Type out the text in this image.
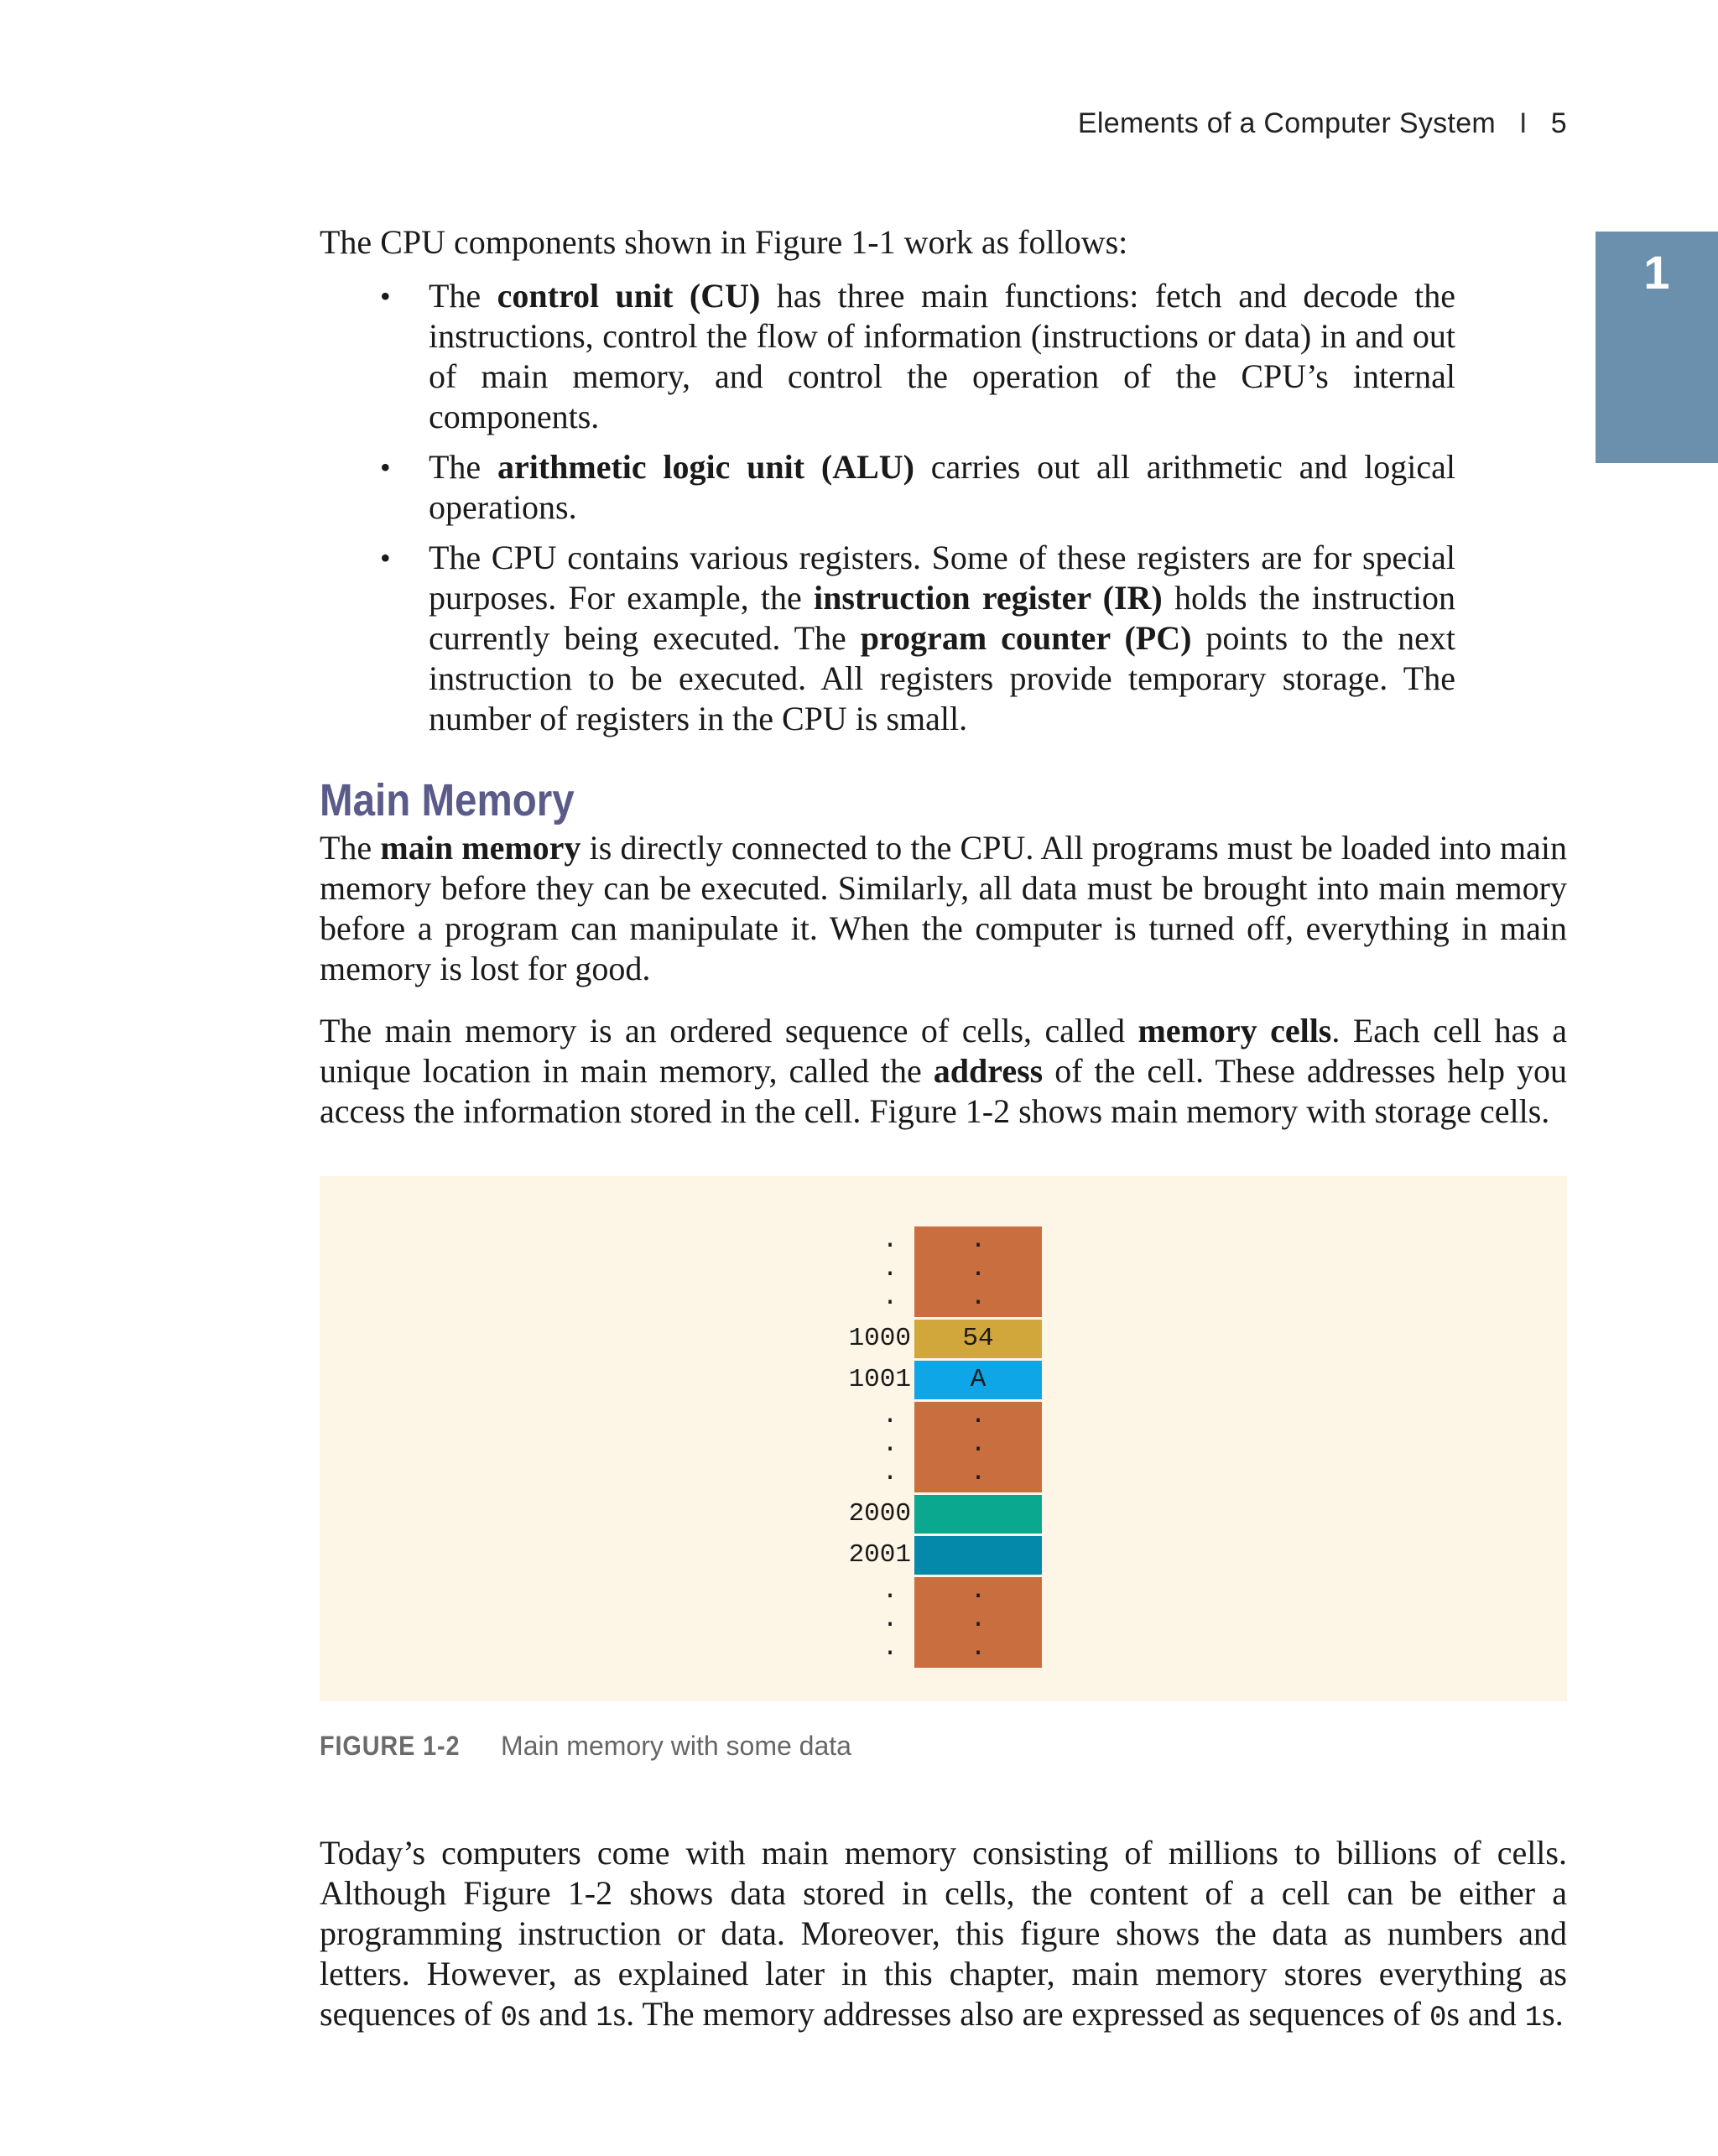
Elements of a Computer System I 5
1

The CPU components shown in Figure 1-1 work as follows:

• The control unit (CU) has three main functions: fetch and decode the instructions, control the flow of information (instructions or data) in and out of main memory, and control the operation of the CPU’s internal components.
• The arithmetic logic unit (ALU) carries out all arithmetic and logical operations.
• The CPU contains various registers. Some of these registers are for special purposes. For example, the instruction register (IR) holds the instruction currently being executed. The program counter (PC) points to the next instruction to be executed. All registers provide temporary storage. The number of registers in the CPU is small.
Main Memory

The main memory is directly connected to the CPU. All programs must be loaded into main memory before they can be executed. Similarly, all data must be brought into main memory before a program can manipulate it. When the computer is turned off, everything in main memory is lost for good.

The main memory is an ordered sequence of cells, called memory cells. Each cell has a unique location in main memory, called the address of the cell. These addresses help you access the information stored in the cell. Figure 1-2 shows main memory with storage cells.

.
.
.
1000
1001
.
.
.
2000
2001
.
.
.
.
.
.
54
A
.
.
.
.
.
.
FIGURE 1-2 Main memory with some data

Today’s computers come with main memory consisting of millions to billions of cells. Although Figure 1-2 shows data stored in cells, the content of a cell can be either a programming instruction or data. Moreover, this figure shows the data as numbers and letters. However, as explained later in this chapter, main memory stores everything as sequences of 0s and 1s. The memory addresses also are expressed as sequences of 0s and 1s.
